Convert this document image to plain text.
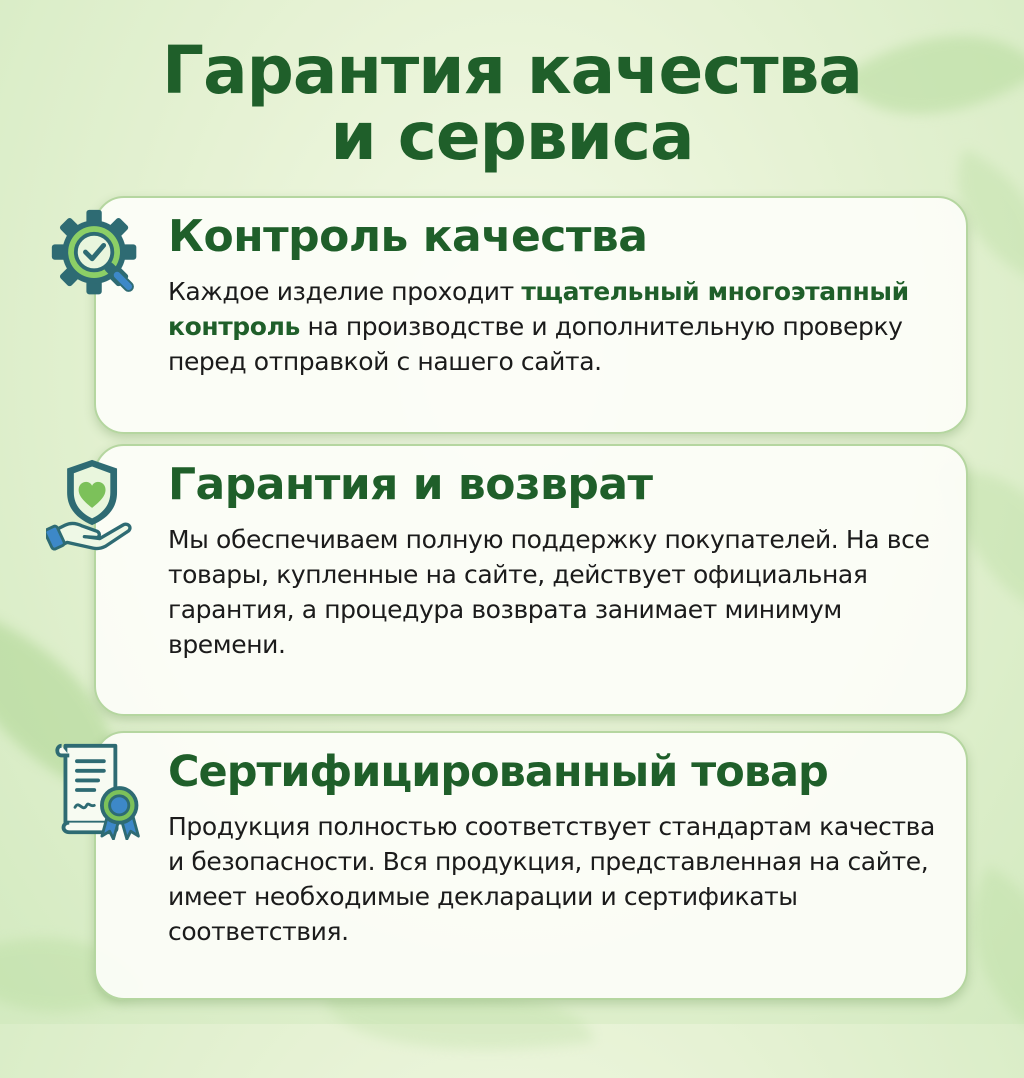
Гарантия качества
и сервиса
Контроль качества

Каждое изделие проходит тщательный многоэтапный контроль на производстве и дополнительную проверку перед отправкой с нашего сайта.

Гарантия и возврат

Мы обеспечиваем полную поддержку покупателей. На все товары, купленные на сайте, действует официальная гарантия, а процедура возврата занимает минимум времени.

Сертифицированный товар

Продукция полностью соответствует стандартам качества и безопасности. Вся продукция, представленная на сайте, имеет необходимые декларации и сертификаты соответствия.
